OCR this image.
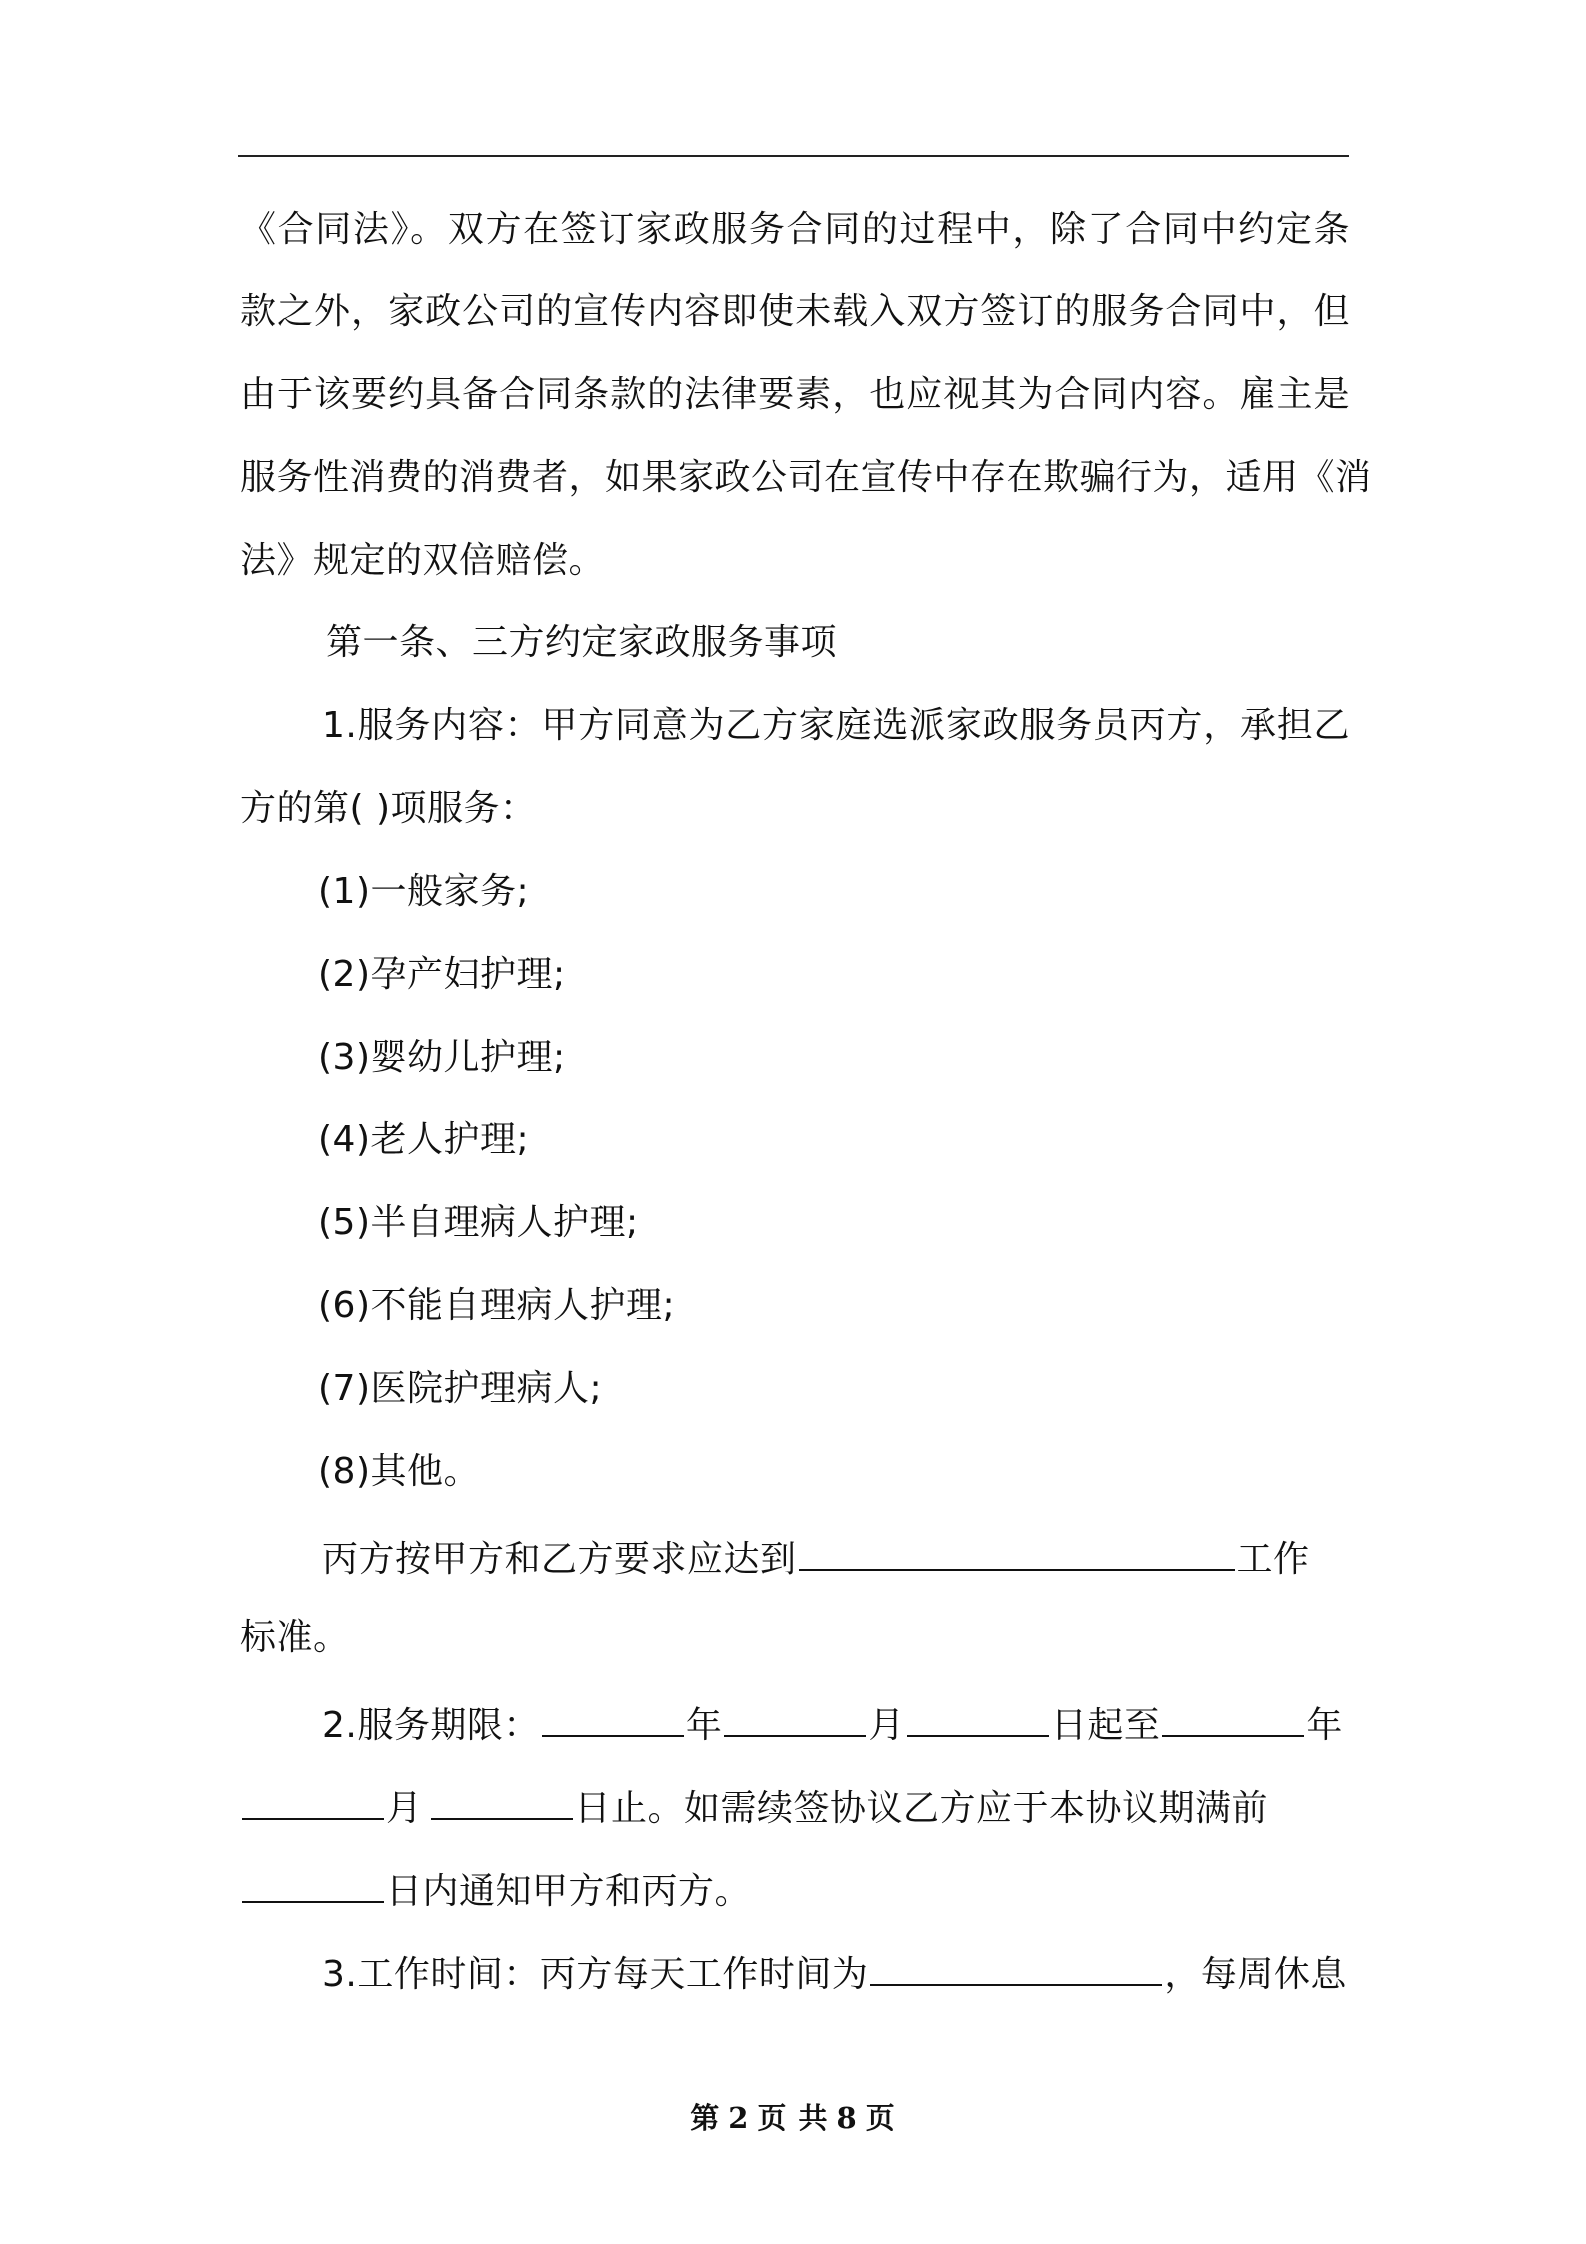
《合同法》。双方在签订家政服务合同的过程中，除了合同中约定条
款之外，家政公司的宣传内容即使未载入双方签订的服务合同中，但
由于该要约具备合同条款的法律要素，也应视其为合同内容。雇主是
服务性消费的消费者，如果家政公司在宣传中存在欺骗行为，适用《消
法》规定的双倍赔偿。
第一条、三方约定家政服务事项
1.服务内容：甲方同意为乙方家庭选派家政服务员丙方，承担乙
方的第( )项服务：
(1)一般家务;
(2)孕产妇护理;
(3)婴幼儿护理;
(4)老人护理;
(5)半自理病人护理;
(6)不能自理病人护理;
(7)医院护理病人;
(8)其他。
丙方按甲方和乙方要求应达到	工作
标准。
2.服务期限：	年	月	日起至	年
月	日止。如需续签协议乙方应于本协议期满前
日内通知甲方和丙方。
3.工作时间：丙方每天工作时间为	，每周休息
第 2 页 共 8 页
